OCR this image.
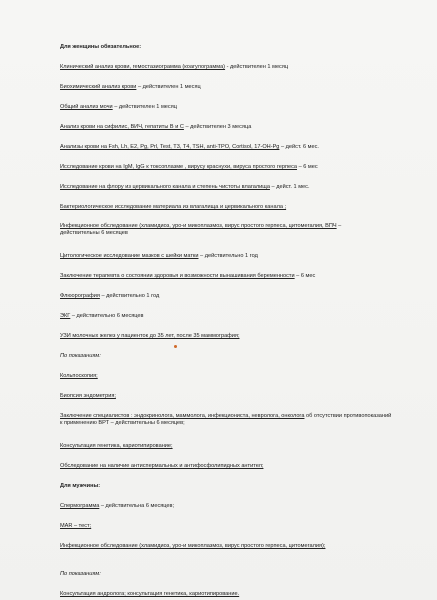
Для женщины обязательное:
Клинический анализ крови, гемостазиограмма (коагулограмма) - действителен 1 месяц
Биохимический анализ крови – действителен 1 месяц
Общий анализ мочи – действителен 1 месяц
Анализ крови на сифилис, ВИЧ, гепатиты В и С – действителен 3 месяца
Анализы крови на Fsh, Lh, E2, Pg, Prl, Test, T3, T4, TSH, anti-TPO, Cortisol, 17-OH-Pg – дейст. 6 мес.
Исследование крови на IgM, IgG к токсоплазме , вирусу краснухи, вируса простого герпеса – 6 мес
Исследование на флору из цервикального канала и степень чистоты влагалища – дейст. 1 мес.
Бактериологическое исследование материала из влагалища и цервикального канала ;
Инфекционное обследование (хламидиоз, уро-и микоплазмоз, вирус простого герпеса, цитомегалия, ВПЧ – действительны 6 месяцев
Цитологическое исследование мазков с шейки матки – действительно 1 год
Заключение терапевта о состоянии здоровья и возможности вынашивания беременности – 6 мес
Флюорография – действительно 1 год
ЭКГ – действительно 6 месяцев
УЗИ молочных желез у пациенток до 35 лет, после 35 маммография;
По показаниям:
Кольпоскопия;
Биопсия эндометрия;
Заключение специалистов : эндокринолога, маммолога, инфекциониста, невролога, онколога об отсутствии противопоказаний к применению ВРТ – действительны 6 месяцев;
Консультация генетика, кариотипирование;
Обследование на наличие антиспермальных и антифосфолипидных антител;
Для мужчины:
Спермограмма – действительна 6 месяцев;
MAR – тест;
Инфекционное обследование (хламидиоз, уро-и микоплазмоз, вирус простого герпеса, цитомегалия);
По показаниям:
Консультация андролога; консультация генетика, кариотипирование.
